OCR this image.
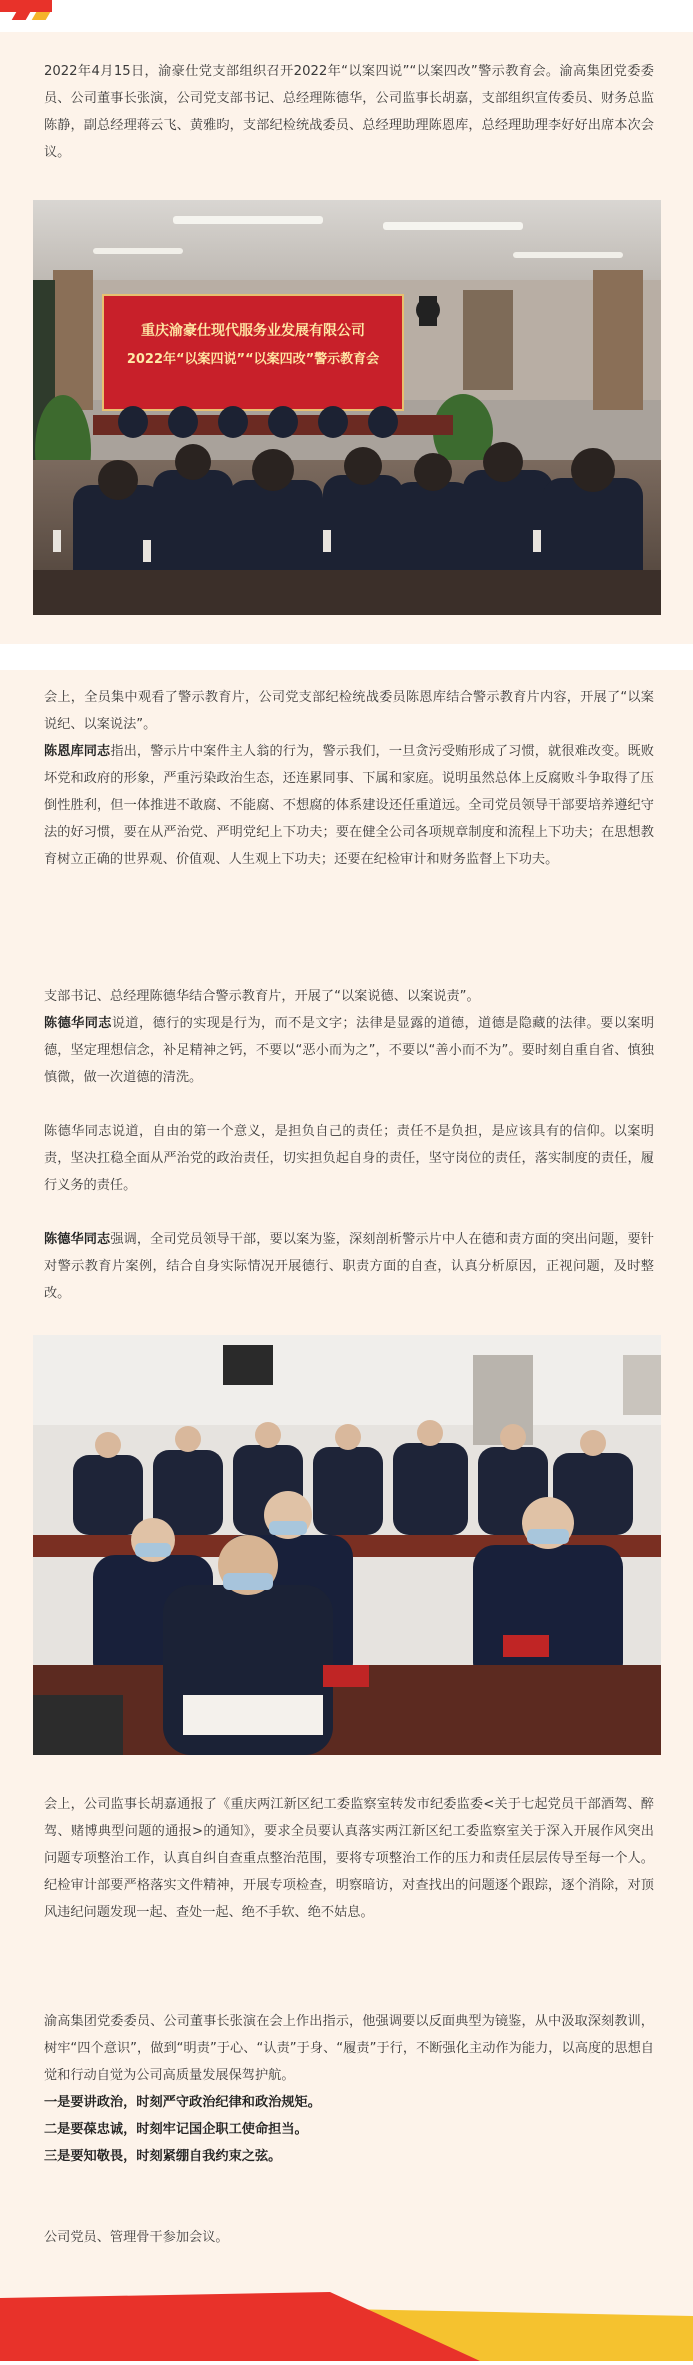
2022年4月15日，渝豪仕党支部组织召开2022年“以案四说”“以案四改”警示教育会。渝高集团党委委员、公司董事长张演，公司党支部书记、总经理陈德华，公司监事长胡嘉，支部组织宣传委员、财务总监陈静，副总经理蒋云飞、黄雅昀，支部纪检统战委员、总经理助理陈恩库，总经理助理李好好出席本次会议。

重庆渝豪仕现代服务业发展有限公司
2022年“以案四说”“以案四改”警示教育会

会上，全员集中观看了警示教育片，公司党支部纪检统战委员陈恩库结合警示教育片内容，开展了“以案说纪、以案说法”。

陈恩库同志指出，警示片中案件主人翁的行为，警示我们，一旦贪污受贿形成了习惯，就很难改变。既败坏党和政府的形象，严重污染政治生态，还连累同事、下属和家庭。说明虽然总体上反腐败斗争取得了压倒性胜利，但一体推进不敢腐、不能腐、不想腐的体系建设还任重道远。全司党员领导干部要培养遵纪守法的好习惯，要在从严治党、严明党纪上下功夫；要在健全公司各项规章制度和流程上下功夫；在思想教育树立正确的世界观、价值观、人生观上下功夫；还要在纪检审计和财务监督上下功夫。

支部书记、总经理陈德华结合警示教育片，开展了“以案说德、以案说责”。

陈德华同志说道，德行的实现是行为，而不是文字；法律是显露的道德，道德是隐藏的法律。要以案明德，坚定理想信念，补足精神之钙，不要以“恶小而为之”，不要以“善小而不为”。要时刻自重自省、慎独慎微，做一次道德的清洗。

陈德华同志说道，自由的第一个意义，是担负自己的责任；责任不是负担，是应该具有的信仰。以案明责，坚决扛稳全面从严治党的政治责任，切实担负起自身的责任，坚守岗位的责任，落实制度的责任，履行义务的责任。

陈德华同志强调，全司党员领导干部，要以案为鉴，深刻剖析警示片中人在德和责方面的突出问题，要针对警示教育片案例，结合自身实际情况开展德行、职责方面的自查，认真分析原因，正视问题，及时整改。

会上，公司监事长胡嘉通报了《重庆两江新区纪工委监察室转发市纪委监委<关于七起党员干部酒驾、醉驾、赌博典型问题的通报>的通知》，要求全员要认真落实两江新区纪工委监察室关于深入开展作风突出问题专项整治工作，认真自纠自查重点整治范围，要将专项整治工作的压力和责任层层传导至每一个人。纪检审计部要严格落实文件精神，开展专项检查，明察暗访，对查找出的问题逐个跟踪，逐个消除，对顶风违纪问题发现一起、查处一起、绝不手软、绝不姑息。

渝高集团党委委员、公司董事长张演在会上作出指示，他强调要以反面典型为镜鉴，从中汲取深刻教训，树牢“四个意识”，做到“明责”于心、“认责”于身、“履责”于行，不断强化主动作为能力，以高度的思想自觉和行动自觉为公司高质量发展保驾护航。

一是要讲政治，时刻严守政治纪律和政治规矩。

二是要葆忠诚，时刻牢记国企职工使命担当。

三是要知敬畏，时刻紧绷自我约束之弦。

公司党员、管理骨干参加会议。
